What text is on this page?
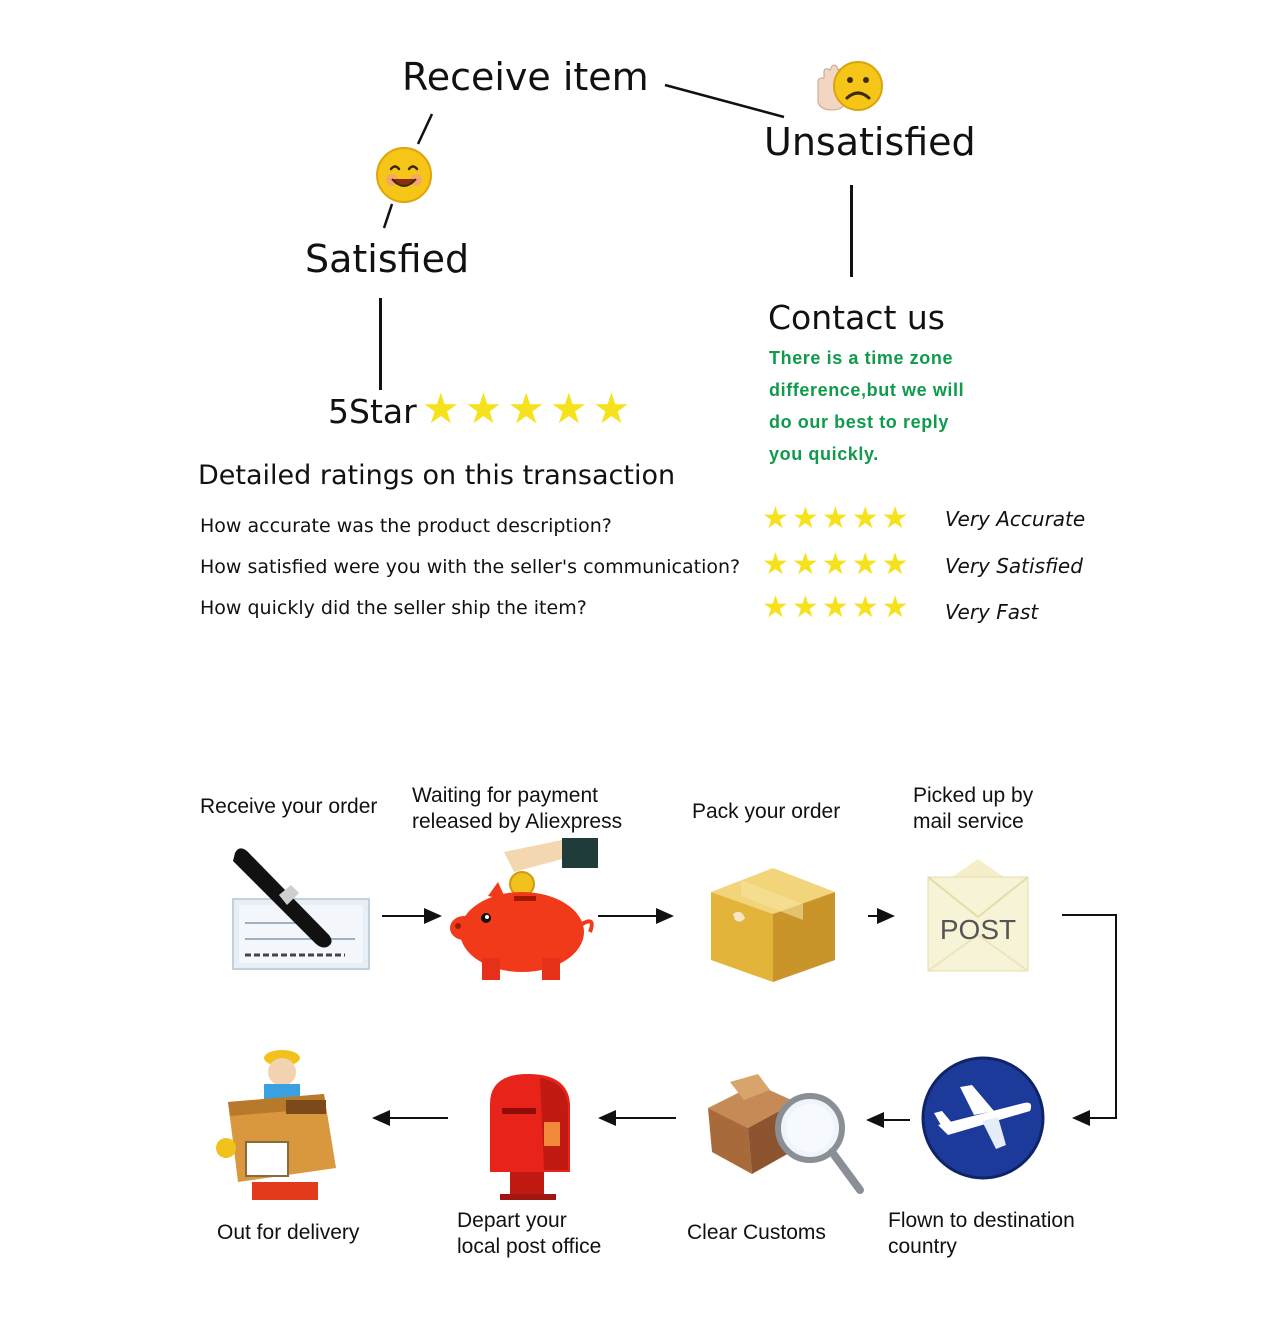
Receive item
Unsatisfied
Satisfied
Contact us
There is a time zone
difference,but we will
do our best to reply
you quickly.
5Star ★ ★ ★ ★ ★
Detailed ratings on this transaction
How accurate was the product description?	★ ★ ★ ★ ★ Very Accurate
How satisfied were you with the seller's communication? ★ ★ ★ ★ ★ Very Satisfied
How quickly did the seller ship the item?	★ ★ ★ ★ ★ Very Fast
Receive your order Waiting for payment
released by Aliexpress	Pack your order
Picked up by
mail service
Flown to destination
country
Clear Customs
Depart your
local post office
Out for delivery
POST
